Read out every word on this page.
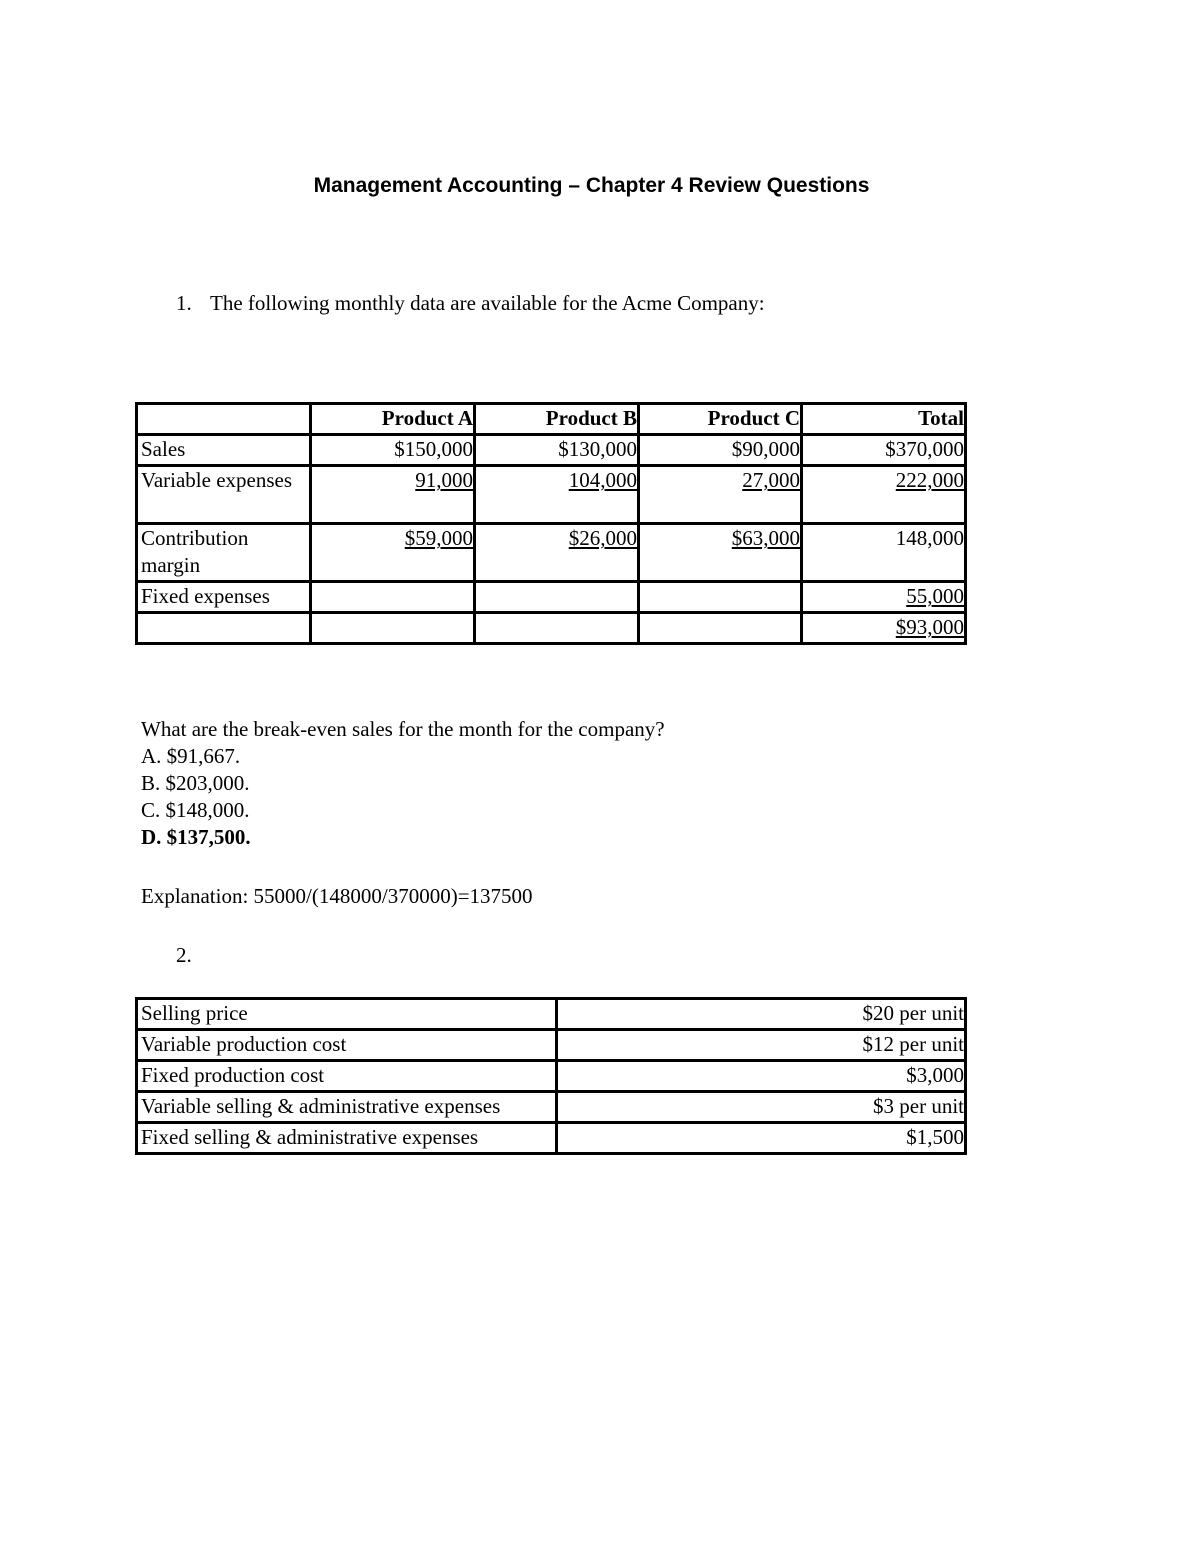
Management Accounting – Chapter 4 Review Questions
1. The following monthly data are available for the Acme Company:
	Product A	Product B	Product C	Total
Sales	$150,000	$130,000	$90,000	$370,000
Variable expenses	91,000	104,000	27,000	222,000
Contribution margin	$59,000	$26,000	$63,000	148,000
Fixed expenses				55,000
				$93,000
What are the break-even sales for the month for the company?
A. $91,667.
B. $203,000.
C. $148,000.
D. $137,500.
Explanation: 55000/(148000/370000)=137500
2.
Selling price	$20 per unit
Variable production cost	$12 per unit
Fixed production cost	$3,000
Variable selling & administrative expenses	$3 per unit
Fixed selling & administrative expenses	$1,500
